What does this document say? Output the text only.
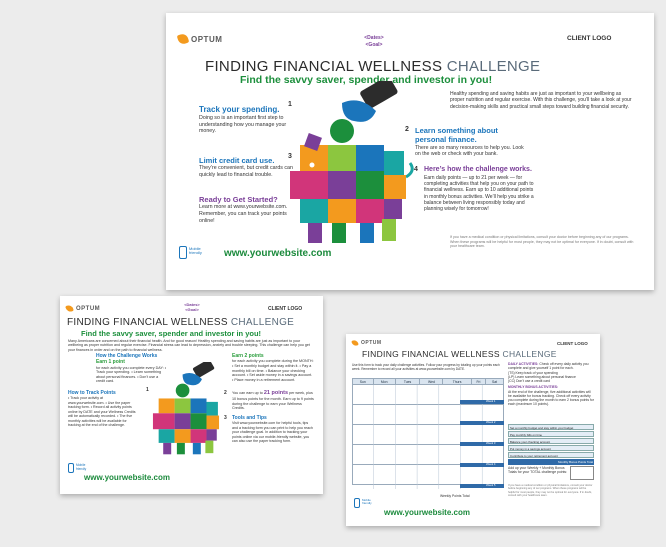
OPTUM	<Dates>
<Goal>
CLIENT LOGO
FINDING FINANCIAL WELLNESS CHALLENGE
Find the savvy saver, spender and investor in you!
Healthy spending and saving habits are just as important to your wellbeing as proper nutrition and regular exercise. With this challenge, you’ll take a look at your decision-making skills and practical small steps toward building financial security.
Track your spending.
Doing so is an important first step to understanding how you manage your money.
Limit credit card use.
They’re convenient, but credit cards can quickly lead to financial trouble.
Ready to Get Started?
Learn more at www.yourwebsite.com. Remember, you can track your points online!
Learn something about personal finance.
There are so many resources to help you. Look on the web or check with your bank.
Here’s how the challenge works.
Earn daily points — up to 21 per week — for completing activities that help you on your path to financial wellness. Earn up to 10 additional points in monthly bonus activities. We’ll help you strike a balance between living responsibly today and planning wisely for tomorrow!
1
2
3
4
If you have a medical condition or physical limitations, consult your doctor before beginning any of our programs. When these programs will be helpful for most people, they may not be optimal for everyone. If in doubt, consult with your healthcare team.
Mobile friendly	www.yourwebsite.com
OPTUM
<Dates>
<Goal>	CLIENT LOGO
FINDING FINANCIAL WELLNESS CHALLENGE
Find the savvy saver, spender and investor in you!
Many Americans are concerned about their financial health. And for good reason! Healthy spending and saving habits are just as important to your wellbeing as proper nutrition and regular exercise. Financial stress can lead to depression, anxiety and trouble sleeping. This challenge can help you get your finances in order and on the path to financial wellness.
How the Challenge Works
Earn 1 point
for each activity you complete every DAY: • Track your spending. • Learn something about personal finances. • Don’t use a credit card.
Earn 2 points
for each activity you complete during the MONTH: • Set a monthly budget and stay within it. • Pay a monthly bill on time. • Balance your checking account. • Set aside money in a savings account. • Place money in a retirement account.
How to Track Points
• Track your activity at www.yourwebsite.com. • Use the paper tracking form. • Record all activity points online by DATE and your Wellness Credits will be automatically recorded. • The five monthly activities will be available for tracking at the end of the challenge.
You can earn up to 21 points per week, plus 10 bonus points for the month. Earn up to 9 points during the challenge to earn your Wellness Credits.
Tools and Tips
Visit www.yourwebsite.com for helpful tools, tips and a tracking form you can print to help you reach your challenge goal. In addition to tracking your points online via our mobile-friendly website, you can also use the paper tracking form.
1	2
3
Mobile friendly
www.yourwebsite.com
OPTUM	CLIENT LOGO
FINDING FINANCIAL WELLNESS CHALLENGE
Use this form to track your daily challenge activities. Follow your progress by totaling up your points each week. Remember to record all your activities at www.yourwebsite.com by DATE.
DAILY ACTIVITIES: Check off every daily activity you complete and give yourself 1 point for each.
(TS) Keep track of your spending
(LP) Learn something about personal finance
(CC) Don’t use a credit card
MONTHLY BONUS ACTIVITIES:
At the end of the challenge, five additional activities will be available for bonus tracking. Check off every activity you complete during the month to earn 2 bonus points for each (maximum 10 points).
Sun	Mon	Tues	Wed	Thurs	Fri	Sat

Week 1
Week 2
Week 3
Week 4
Week 5
Set a monthly budget and stay within your budget
Pay monthly bills on time
Balance your checking account
Put money in a savings account
Contribute to your retirement account
Monthly Bonus Points Total
Add up your Weekly + Monthly Bonus Totals for your TOTAL challenge points:
If you have a medical condition or physical limitations, consult your doctor before beginning any of our programs. When these programs will be helpful for most people, they may not be optimal for everyone. If in doubt, consult with your healthcare team.
Weekly Points Total
Mobile friendly
www.yourwebsite.com
